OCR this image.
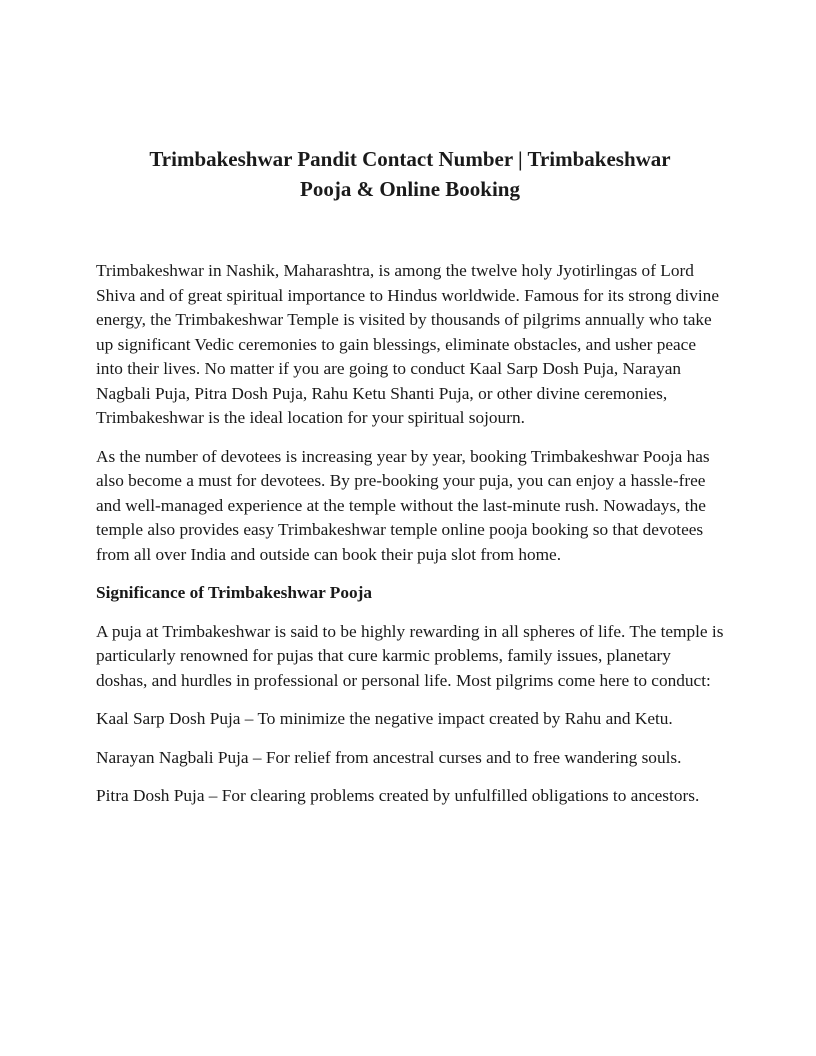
Trimbakeshwar Pandit Contact Number | Trimbakeshwar
Pooja & Online Booking

Trimbakeshwar in Nashik, Maharashtra, is among the twelve holy Jyotirlingas of Lord Shiva and of great spiritual importance to Hindus worldwide. Famous for its strong divine energy, the Trimbakeshwar Temple is visited by thousands of pilgrims annually who take up significant Vedic ceremonies to gain blessings, eliminate obstacles, and usher peace into their lives. No matter if you are going to conduct Kaal Sarp Dosh Puja, Narayan Nagbali Puja, Pitra Dosh Puja, Rahu Ketu Shanti Puja, or other divine ceremonies, Trimbakeshwar is the ideal location for your spiritual sojourn.

As the number of devotees is increasing year by year, booking Trimbakeshwar Pooja has also become a must for devotees. By pre-booking your puja, you can enjoy a hassle-free and well-managed experience at the temple without the last-minute rush. Nowadays, the temple also provides easy Trimbakeshwar temple online pooja booking so that devotees from all over India and outside can book their puja slot from home.

Significance of Trimbakeshwar Pooja

A puja at Trimbakeshwar is said to be highly rewarding in all spheres of life. The temple is particularly renowned for pujas that cure karmic problems, family issues, planetary doshas, and hurdles in professional or personal life. Most pilgrims come here to conduct:

Kaal Sarp Dosh Puja – To minimize the negative impact created by Rahu and Ketu.

Narayan Nagbali Puja – For relief from ancestral curses and to free wandering souls.

Pitra Dosh Puja – For clearing problems created by unfulfilled obligations to ancestors.
